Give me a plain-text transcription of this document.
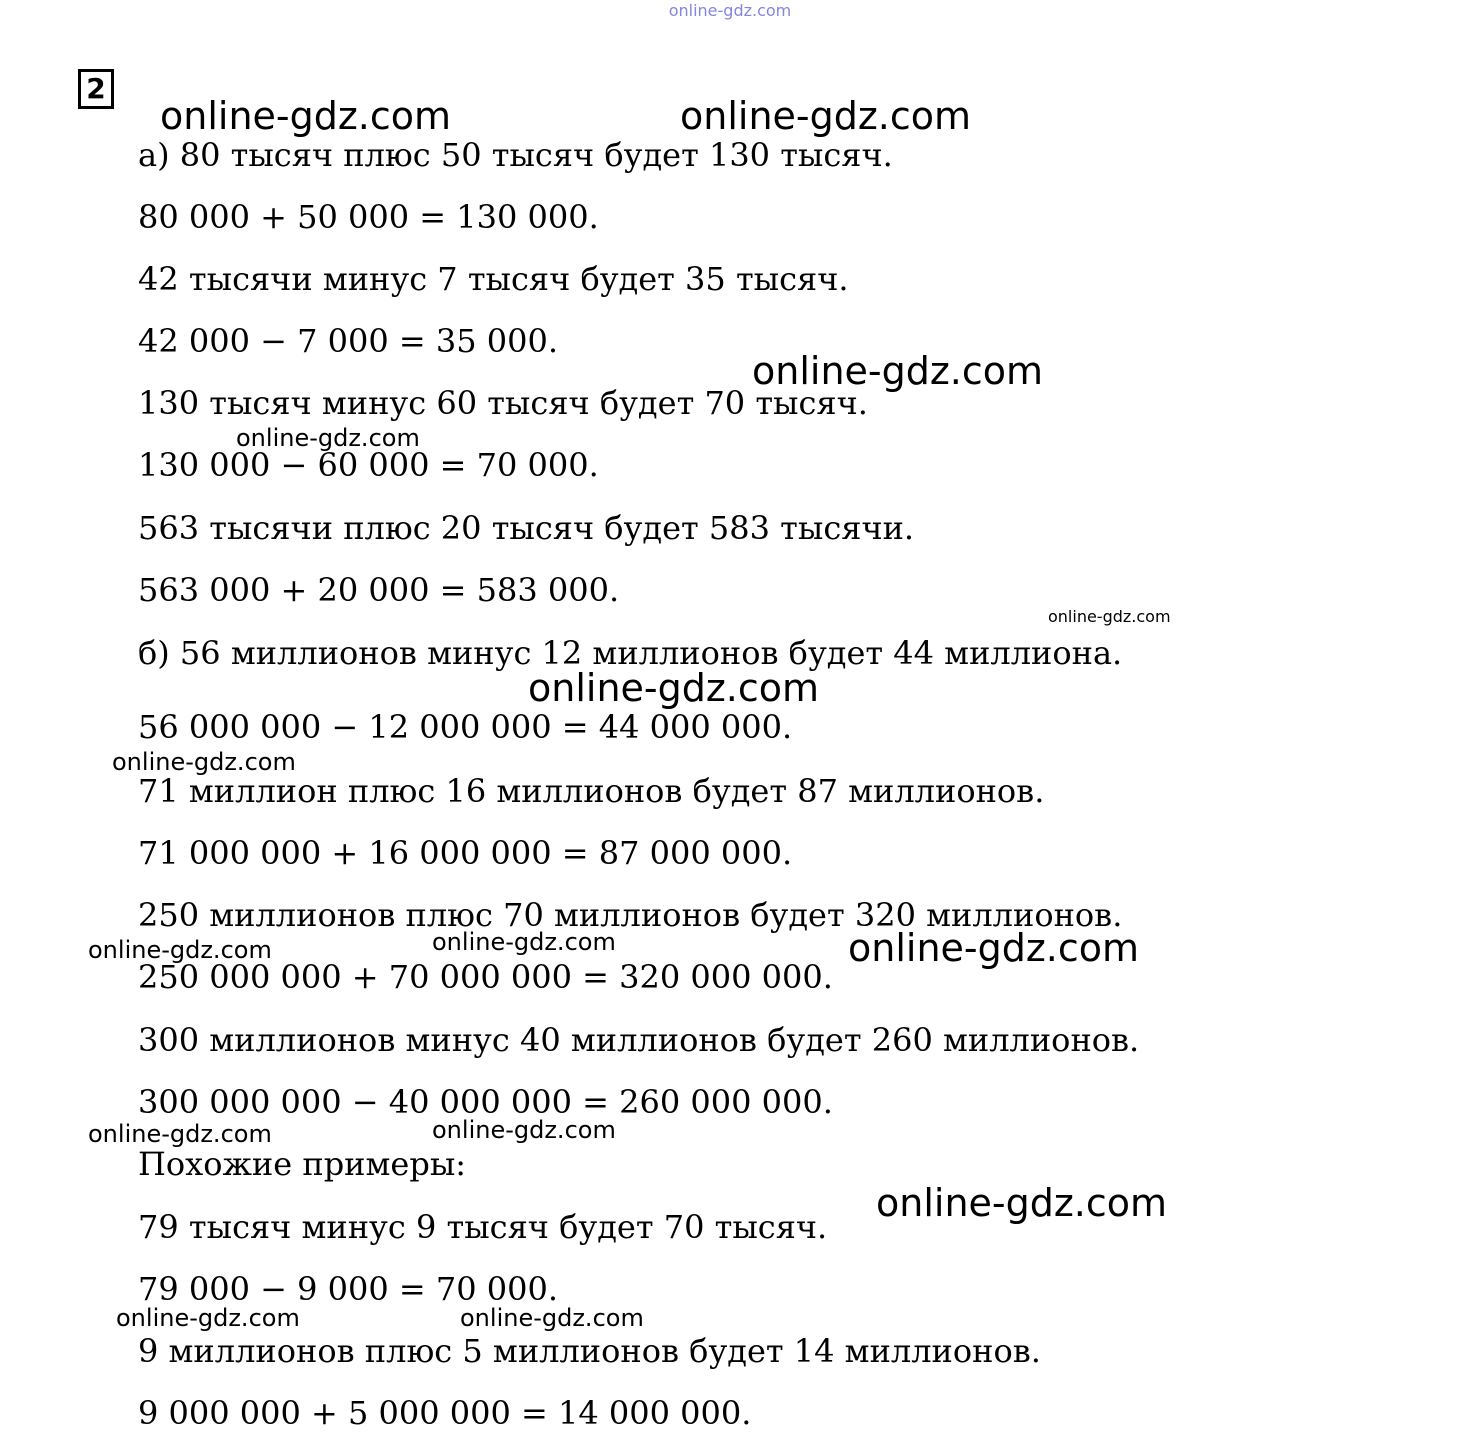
online-gdz.com
2
а) 80 тысяч плюс 50 тысяч будет 130 тысяч.
80 000 + 50 000 = 130 000.
42 тысячи минус 7 тысяч будет 35 тысяч.
42 000 − 7 000 = 35 000.
130 тысяч минус 60 тысяч будет 70 тысяч.
130 000 − 60 000 = 70 000.
563 тысячи плюс 20 тысяч будет 583 тысячи.
563 000 + 20 000 = 583 000.
б) 56 миллионов минус 12 миллионов будет 44 миллиона.
56 000 000 − 12 000 000 = 44 000 000.
71 миллион плюс 16 миллионов будет 87 миллионов.
71 000 000 + 16 000 000 = 87 000 000.
250 миллионов плюс 70 миллионов будет 320 миллионов.
250 000 000 + 70 000 000 = 320 000 000.
300 миллионов минус 40 миллионов будет 260 миллионов.
300 000 000 − 40 000 000 = 260 000 000.
Похожие примеры:
79 тысяч минус 9 тысяч будет 70 тысяч.
79 000 − 9 000 = 70 000.
9 миллионов плюс 5 миллионов будет 14 миллионов.
9 000 000 + 5 000 000 = 14 000 000.
online-gdz.com	online-gdz.com
online-gdz.com
online-gdz.com
online-gdz.com
online-gdz.com
online-gdz.com
online-gdz.com	online-gdz.com	online-gdz.com
online-gdz.com	online-gdz.com
online-gdz.com
online-gdz.com	online-gdz.com
